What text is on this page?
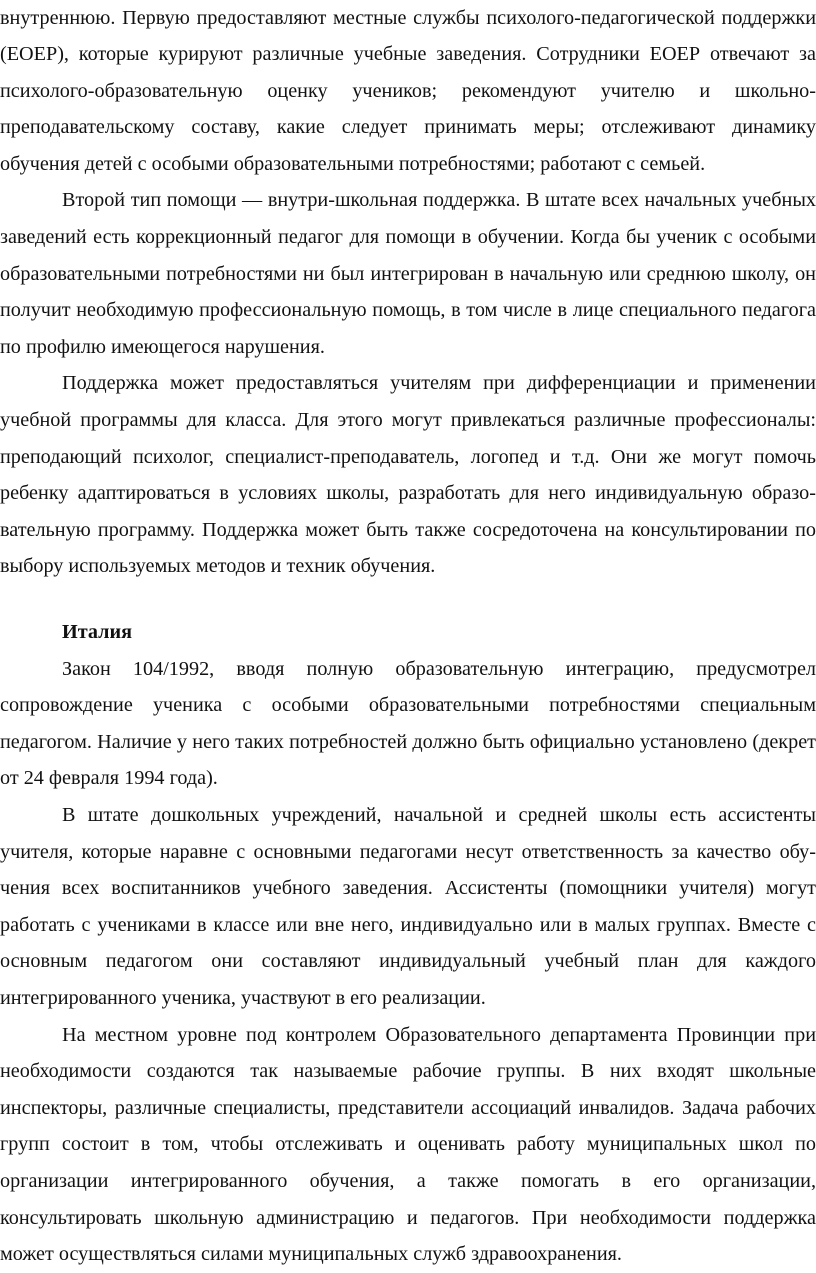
внутреннюю. Первую предоставляют местные службы психолого-педагогической поддержки (ЕОЕР), которые курируют различные учебные заведения. Сотрудники ЕОЕР отвечают за психолого-образовательную оценку учеников; рекомендуют учителю и школьно-преподавательскому составу, какие следует принимать меры; отслеживают динамику обучения детей с особыми образовательными потребностями; работают с семьей.

Второй тип помощи — внутри-школьная поддержка. В штате всех начальных учебных заведений есть коррекционный педагог для помощи в обучении. Когда бы ученик с особыми образовательными потребностями ни был интегрирован в начальную или среднюю школу, он получит необходимую профессиональную помощь, в том числе в лице специального педагога по профилю имеющегося нарушения.

Поддержка может предоставляться учителям при дифференциации и применении учебной программы для класса. Для этого могут привлекаться различные профессионалы: преподающий психолог, специалист-преподаватель, логопед и т.д. Они же могут помочь ребенку адаптироваться в условиях школы, разработать для него индивидуальную образовательную программу. Поддержка может быть также сосредоточена на консультировании по выбору используемых методов и техник обучения.

Италия

Закон 104/1992, вводя полную образовательную интеграцию, предусмотрел сопровождение ученика с особыми образовательными потребностями специальным педагогом. Наличие у него таких потребностей должно быть официально установлено (декрет от 24 февраля 1994 года).

В штате дошкольных учреждений, начальной и средней школы есть ассистенты учителя, которые наравне с основными педагогами несут ответственность за качество обучения всех воспитанников учебного заведения. Ассистенты (помощники учителя) могут работать с учениками в классе или вне него, индивидуально или в малых группах. Вместе с основным педагогом они составляют индивидуальный учебный план для каждого интегрированного ученика, участвуют в его реализации.

На местном уровне под контролем Образовательного департамента Провинции при необходимости создаются так называемые рабочие группы. В них входят школьные инспекторы, различные специалисты, представители ассоциаций инвалидов. Задача рабочих групп состоит в том, чтобы отслеживать и оценивать работу муниципальных школ по организации интегрированного обучения, а также помогать в его организации, консультировать школьную администрацию и педагогов. При необходимости поддержка может осуществляться силами муниципальных служб здравоохранения.
